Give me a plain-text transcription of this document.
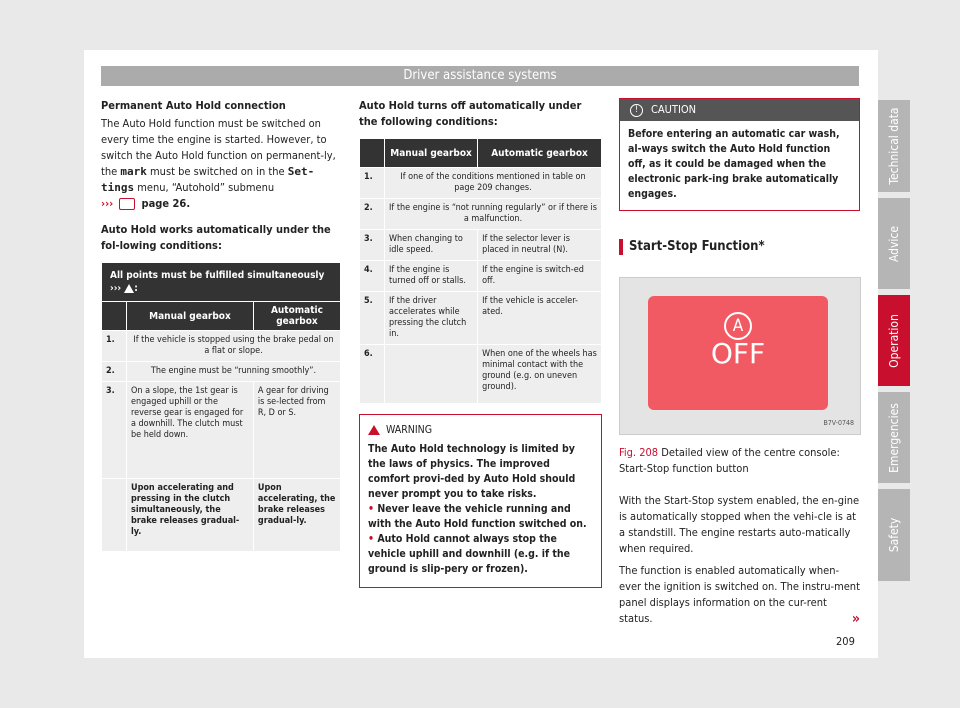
Driver assistance systems

Permanent Auto Hold connection

The Auto Hold function must be switched on every time the engine is started. However, to switch the Auto Hold function on permanent-ly, the mark must be switched on in the Set-tings menu, “Autohold” submenu
›››	page 26.

Auto Hold works automatically under the fol-lowing conditions:

All points must be fulfilled simultaneously
››› :		
	Manual gearbox	Automatic gearbox
1.	If the vehicle is stopped using the brake pedal on a flat or slope.	
2.	The engine must be “running smoothly”.	
3.	On a slope, the 1st gear is engaged uphill or the reverse gear is engaged for a downhill. The clutch must be held down.	A gear for driving is se-lected from R, D or S.
	Upon accelerating and pressing in the clutch simultaneously, the brake releases gradual-ly.	Upon accelerating, the brake releases gradual-ly.

Auto Hold turns off automatically under the following conditions:

	Manual gearbox	Automatic gearbox
1.	If one of the conditions mentioned in table on page 209 changes.	
2.	If the engine is “not running regularly” or if there is a malfunction.	
3.	When changing to idle speed.	If the selector lever is placed in neutral (N).
4.	If the engine is turned off or stalls.	If the engine is switch-ed off.
5.	If the driver accelerates while pressing the clutch in.	If the vehicle is acceler-ated.
6.		When one of the wheels has minimal contact with the ground (e.g. on uneven ground).
WARNING

The Auto Hold technology is limited by the laws of physics. The improved comfort provi-ded by Auto Hold should never prompt you to take risks.

• Never leave the vehicle running and with the Auto Hold function switched on.

• Auto Hold cannot always stop the vehicle uphill and downhill (e.g. if the ground is slip-pery or frozen).

! CAUTION

Before entering an automatic car wash, al-ways switch the Auto Hold function off, as it could be damaged when the electronic park-ing brake automatically engages.

Start-Stop Function*

A
OFF
B7V-0748

Fig. 208 Detailed view of the centre console: Start-Stop function button

With the Start-Stop system enabled, the en-gine is automatically stopped when the vehi-cle is at a standstill. The engine restarts auto-matically when required.

The function is enabled automatically when-ever the ignition is switched on. The instru-ment panel displays information on the cur-rent status.	»

209
Technical data
Advice
Operation
Emergencies
Safety
